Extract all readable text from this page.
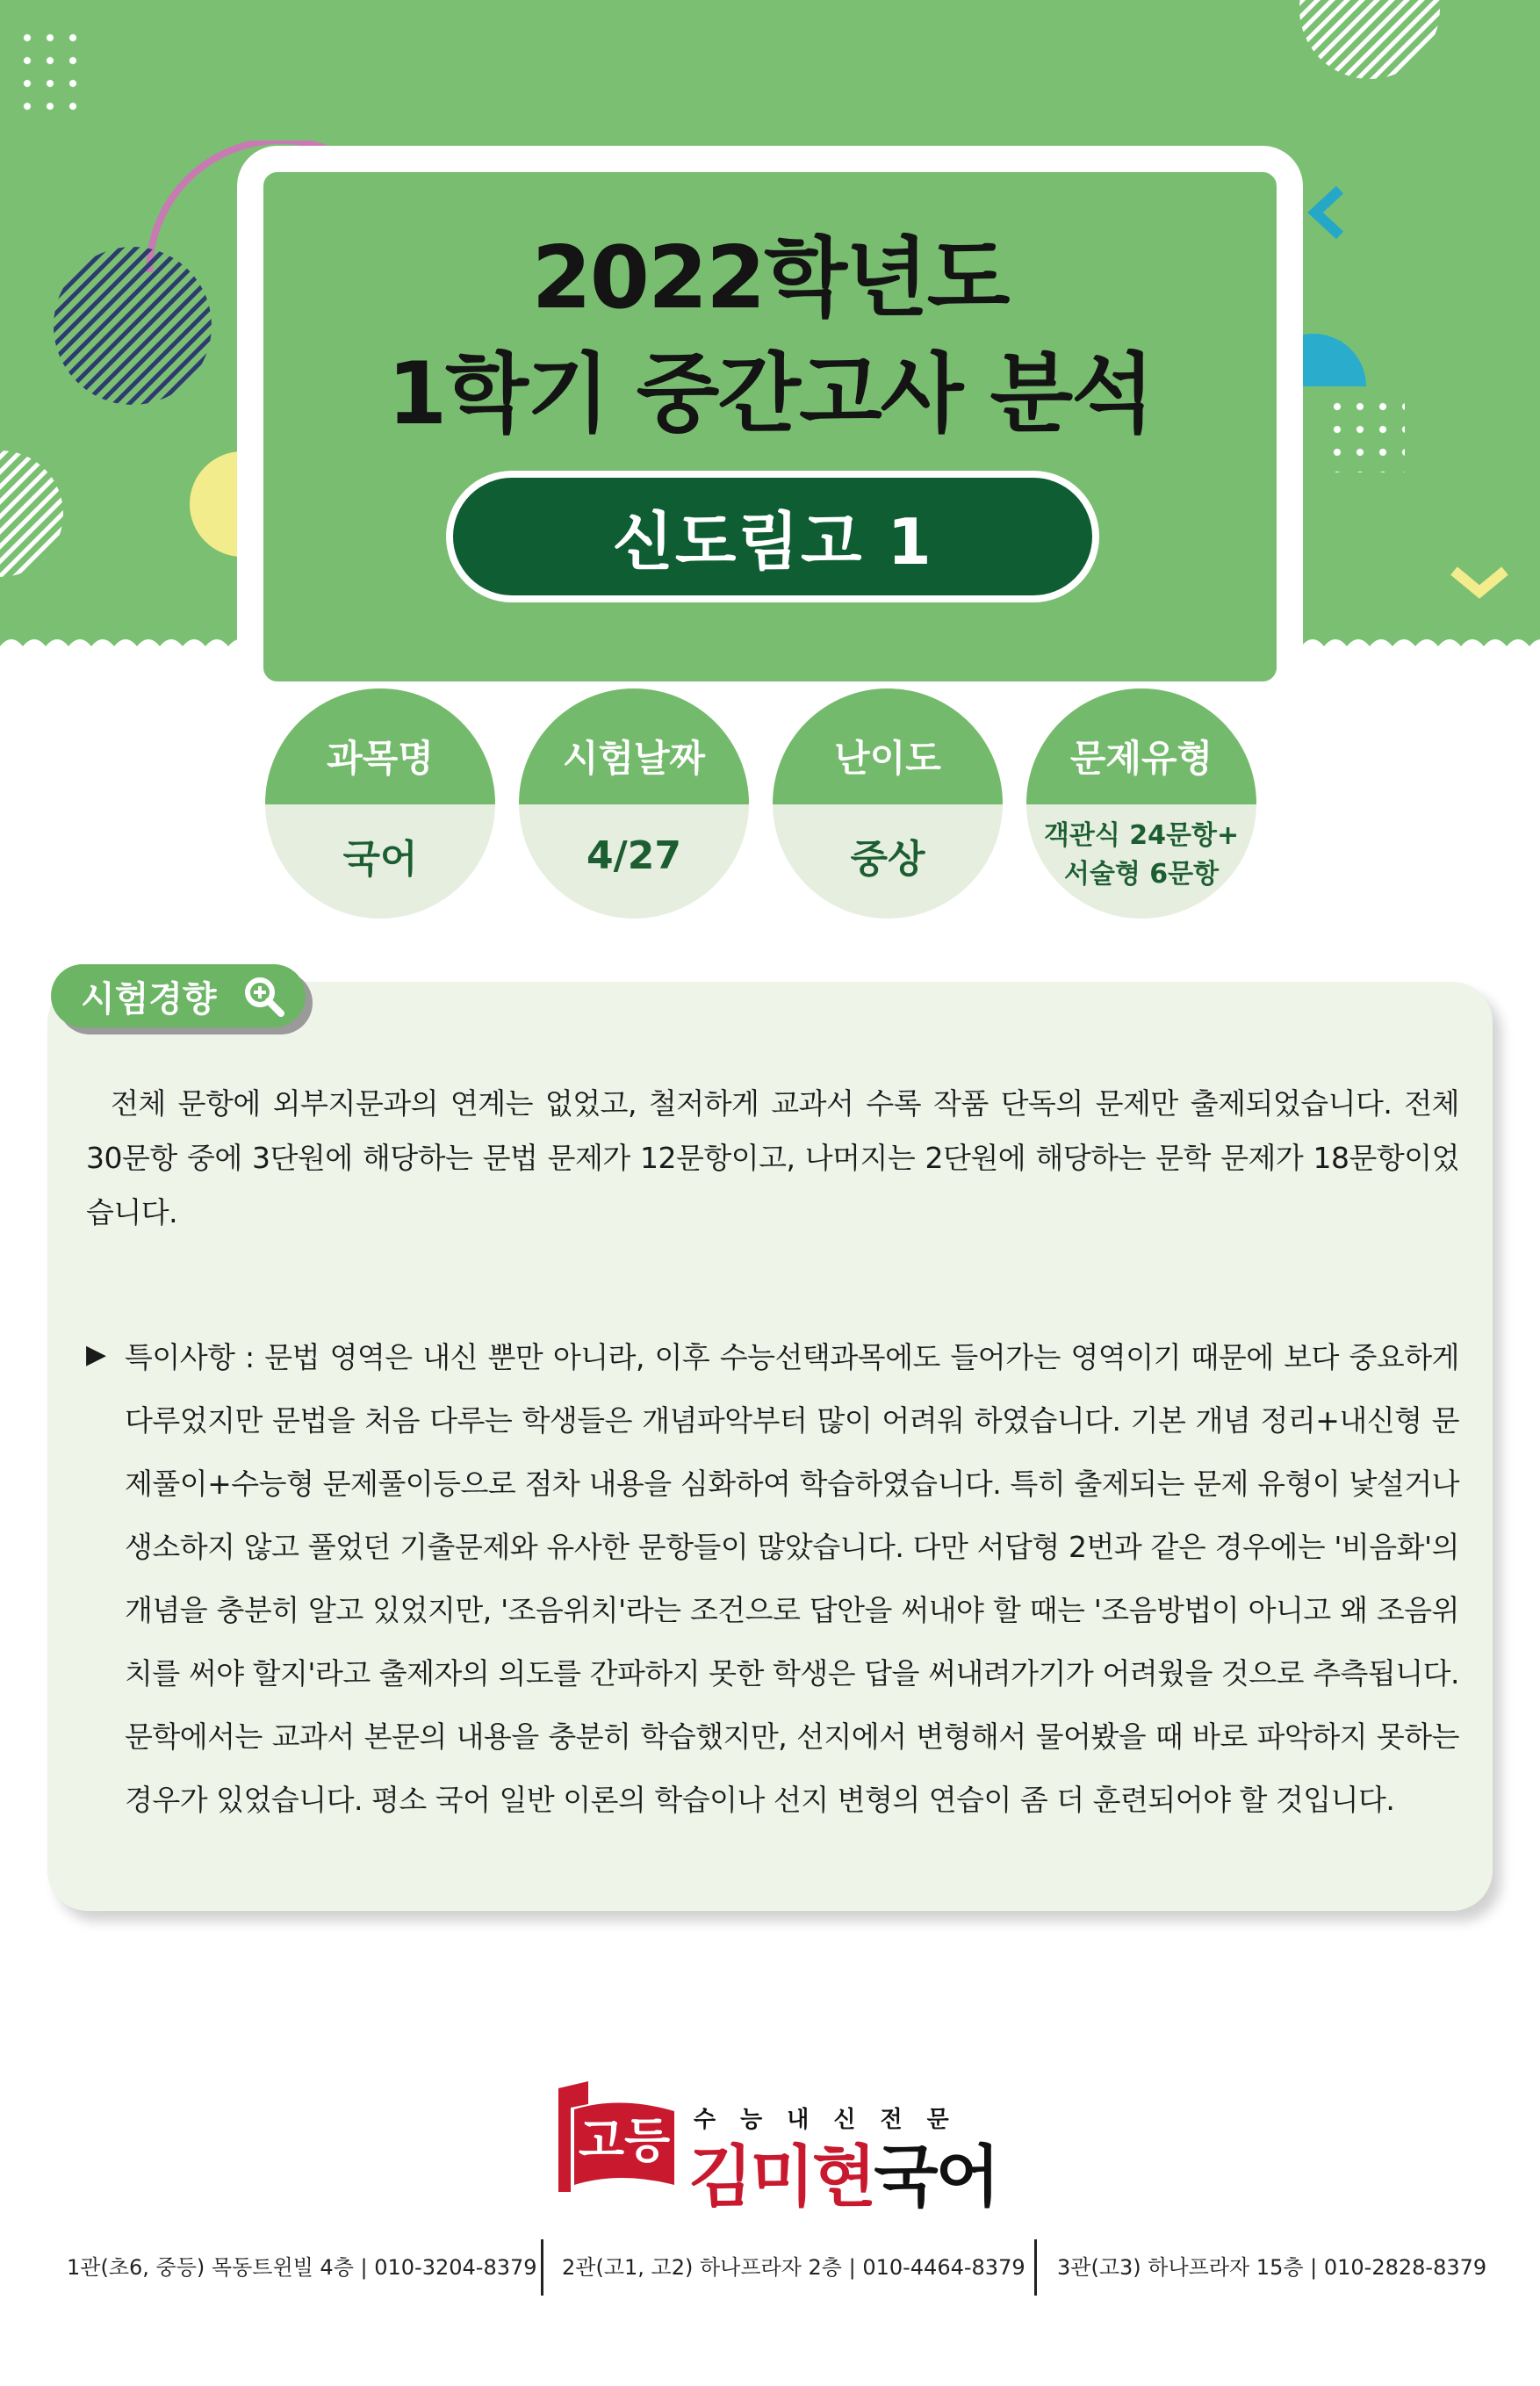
2022학년도
1학기 중간고사 분석
신도림고 1
과목명
국어
시험날짜
4/27
난이도
중상
문제유형
객관식 24문항+
서술형 6문항
시험경향

전체 문항에 외부지문과의 연계는 없었고, 철저하게 교과서 수록 작품 단독의 문제만 출제되었습니다. 전체 30문항 중에 3단원에 해당하는 문법 문제가 12문항이고, 나머지는 2단원에 해당하는 문학 문제가 18문항이었습니다.

▶ 특이사항 : 문법 영역은 내신 뿐만 아니라, 이후 수능선택과목에도 들어가는 영역이기 때문에 보다 중요하게 다루었지만 문법을 처음 다루는 학생들은 개념파악부터 많이 어려워 하였습니다. 기본 개념 정리+내신형 문제풀이+수능형 문제풀이등으로 점차 내용을 심화하여 학습하였습니다. 특히 출제되는 문제 유형이 낯설거나 생소하지 않고 풀었던 기출문제와 유사한 문항들이 많았습니다. 다만 서답형 2번과 같은 경우에는 '비음화'의 개념을 충분히 알고 있었지만, '조음위치'라는 조건으로 답안을 써내야 할 때는 '조음방법이 아니고 왜 조음위치를 써야 할지'라고 출제자의 의도를 간파하지 못한 학생은 답을 써내려가기가 어려웠을 것으로 추측됩니다. 문학에서는 교과서 본문의 내용을 충분히 학습했지만, 선지에서 변형해서 물어봤을 때 바로 파악하지 못하는 경우가 있었습니다. 평소 국어 일반 이론의 학습이나 선지 변형의 연습이 좀 더 훈련되어야 할 것입니다.

고등 수능내신전문
김미현국어
1관(초6, 중등) 목동트윈빌 4층 | 010-3204-8379 2관(고1, 고2) 하나프라자 2층 | 010-4464-8379 3관(고3) 하나프라자 15층 | 010-2828-8379
